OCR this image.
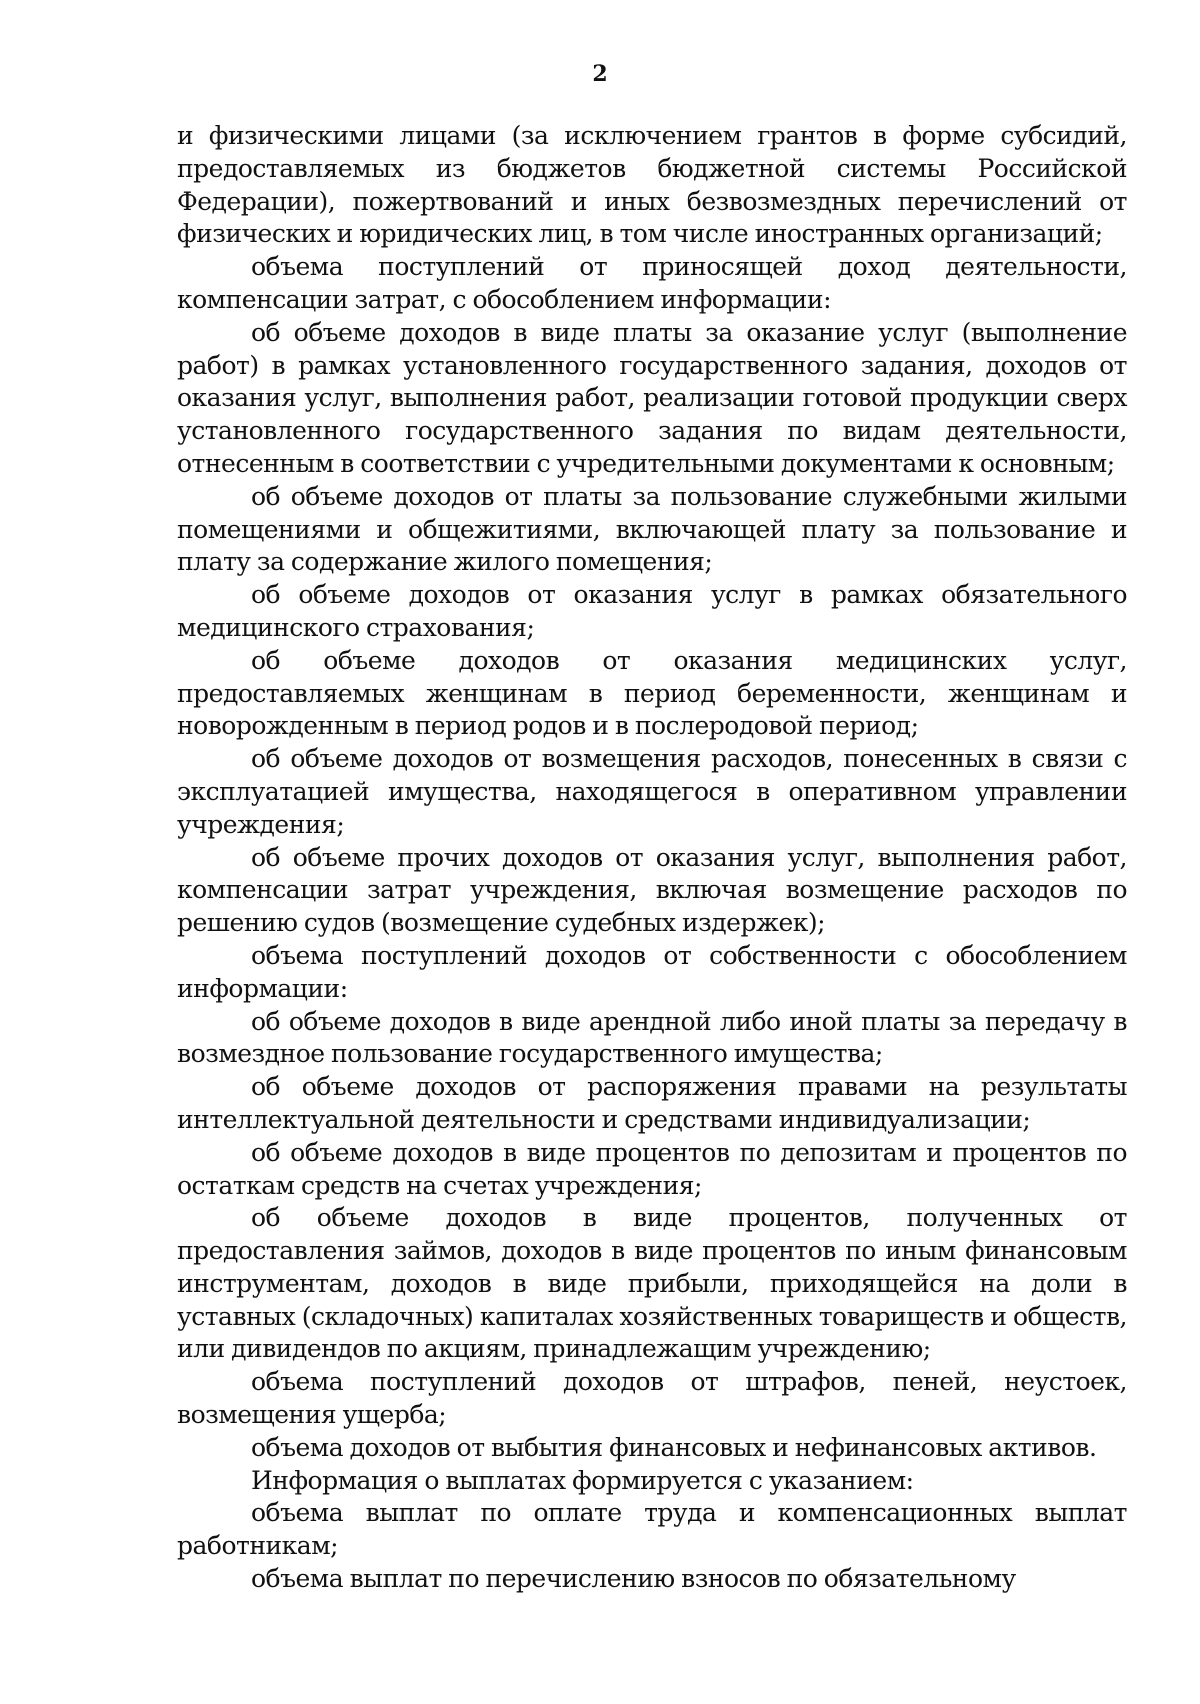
2

и физическими лицами (за исключением грантов в форме субсидий, предоставляемых из бюджетов бюджетной системы Российской Федерации), пожертвований и иных безвозмездных перечислений от физических и юридических лиц, в том числе иностранных организаций;

объема поступлений от приносящей доход деятельности, компенсации затрат, с обособлением информации:

об объеме доходов в виде платы за оказание услуг (выполнение работ) в рамках установленного государственного задания, доходов от оказания услуг, выполнения работ, реализации готовой продукции сверх установленного государственного задания по видам деятельности, отнесенным в соответствии с учредительными документами к основным;

об объеме доходов от платы за пользование служебными жилыми помещениями и общежитиями, включающей плату за пользование и плату за содержание жилого помещения;

об объеме доходов от оказания услуг в рамках обязательного медицинского страхования;

об объеме доходов от оказания медицинских услуг, предоставляемых женщинам в период беременности, женщинам и новорожденным в период родов и в послеродовой период;

об объеме доходов от возмещения расходов, понесенных в связи с эксплуатацией имущества, находящегося в оперативном управлении учреждения;

об объеме прочих доходов от оказания услуг, выполнения работ, компенсации затрат учреждения, включая возмещение расходов по решению судов (возмещение судебных издержек);

объема поступлений доходов от собственности с обособлением информации:

об объеме доходов в виде арендной либо иной платы за передачу в возмездное пользование государственного имущества;

об объеме доходов от распоряжения правами на результаты интеллектуальной деятельности и средствами индивидуализации;

об объеме доходов в виде процентов по депозитам и процентов по остаткам средств на счетах учреждения;

об объеме доходов в виде процентов, полученных от предоставления займов, доходов в виде процентов по иным финансовым инструментам, доходов в виде прибыли, приходящейся на доли в уставных (складочных) капиталах хозяйственных товариществ и обществ, или дивидендов по акциям, принадлежащим учреждению;

объема поступлений доходов от штрафов, пеней, неустоек, возмещения ущерба;

объема доходов от выбытия финансовых и нефинансовых активов.

Информация о выплатах формируется с указанием:

объема выплат по оплате труда и компенсационных выплат работникам;

объема выплат по перечислению взносов по обязательному
